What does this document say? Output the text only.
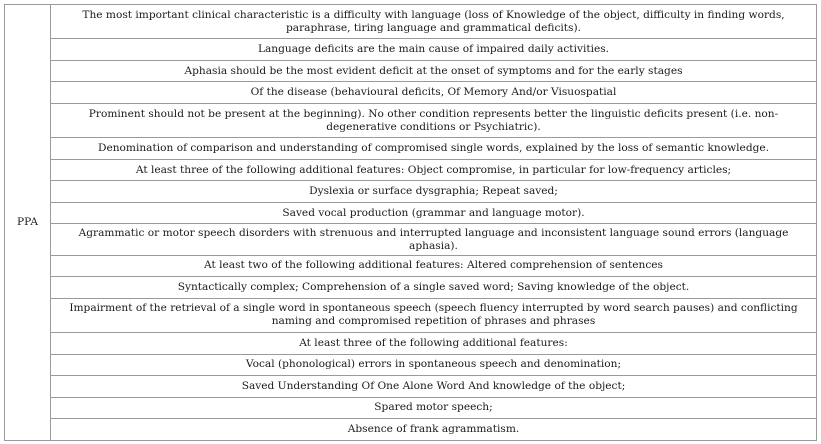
PPA	The most important clinical characteristic is a difficulty with language (loss of Knowledge of the object, difficulty in finding words, paraphrase, tiring language and grammatical deficits).
Language deficits are the main cause of impaired daily activities.
Aphasia should be the most evident deficit at the onset of symptoms and for the early stages
Of the disease (behavioural deficits, Of Memory And/or Visuospatial
Prominent should not be present at the beginning). No other condition represents better the linguistic deficits present (i.e. non-degenerative conditions or Psychiatric).
Denomination of comparison and understanding of compromised single words, explained by the loss of semantic knowledge.
At least three of the following additional features: Object compromise, in particular for low-frequency articles;
Dyslexia or surface dysgraphia; Repeat saved;
Saved vocal production (grammar and language motor).
Agrammatic or motor speech disorders with strenuous and interrupted language and inconsistent language sound errors (language aphasia).
At least two of the following additional features: Altered comprehension of sentences
Syntactically complex; Comprehension of a single saved word; Saving knowledge of the object.
Impairment of the retrieval of a single word in spontaneous speech (speech fluency interrupted by word search pauses) and conflicting naming and compromised repetition of phrases and phrases
At least three of the following additional features:
Vocal (phonological) errors in spontaneous speech and denomination;
Saved Understanding Of One Alone Word And knowledge of the object;
Spared motor speech;
Absence of frank agrammatism.
